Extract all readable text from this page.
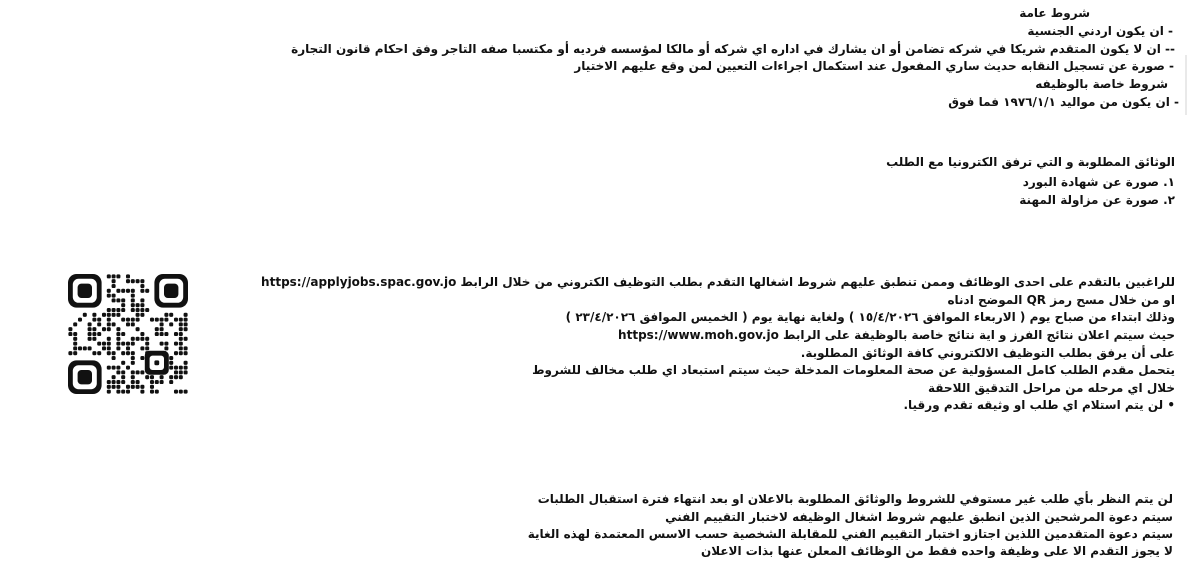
شروط عامة
- ان يكون اردني الجنسية
-- ان لا يكون المتقدم شريكا في شركه تضامن أو ان يشارك في اداره اي شركه أو مالكا لمؤسسه فرديه أو مكتسبا صفه التاجر وفق احكام قانون التجارة
- صورة عن تسجيل النقابه حديث ساري المفعول عند استكمال اجراءات التعيين لمن وقع عليهم الاختيار
شروط خاصة بالوظيفه
- ان يكون من مواليد ١٩٧٦/١/١ فما فوق
الوثائق المطلوبة و التي ترفق الكترونيا مع الطلب
١. صورة عن شهادة البورد
٢. صورة عن مزاولة المهنة
للراغبين بالتقدم على احدى الوظائف وممن تنطبق عليهم شروط اشغالها التقدم بطلب التوظيف الكتروني من خلال الرابط https://applyjobs.spac.gov.jo
او من خلال مسح رمز QR الموضح ادناه
وذلك ابتداء من صباح يوم ( الاربعاء الموافق ١٥/٤/٢٠٢٦ ) ولغاية نهاية يوم ( الخميس الموافق ٢٣/٤/٢٠٢٦ )
حيث سيتم اعلان نتائج الفرز و اية نتائج خاصة بالوظيفة على الرابط https://www.moh.gov.jo
على أن يرفق بطلب التوظيف الالكتروني كافة الوثائق المطلوبة.
يتحمل مقدم الطلب كامل المسؤولية عن صحة المعلومات المدخلة حيث سيتم استبعاد اي طلب مخالف للشروط
خلال اي مرحله من مراحل التدقيق اللاحقة
• لن يتم استلام اي طلب او وثيقه تقدم ورقيا.
لن يتم النظر بأي طلب غير مستوفي للشروط والوثائق المطلوبة بالاعلان او بعد انتهاء فترة استقبال الطلبات
سيتم دعوة المرشحين الذين انطبق عليهم شروط اشغال الوظيفه لاختبار التقييم الفني
سيتم دعوة المتقدمين اللذين اجتازو اختبار التقييم الفني للمقابلة الشخصية حسب الاسس المعتمدة لهذه الغاية
لا يجوز التقدم الا على وظيفة واحده فقط من الوظائف المعلن عنها بذات الاعلان
